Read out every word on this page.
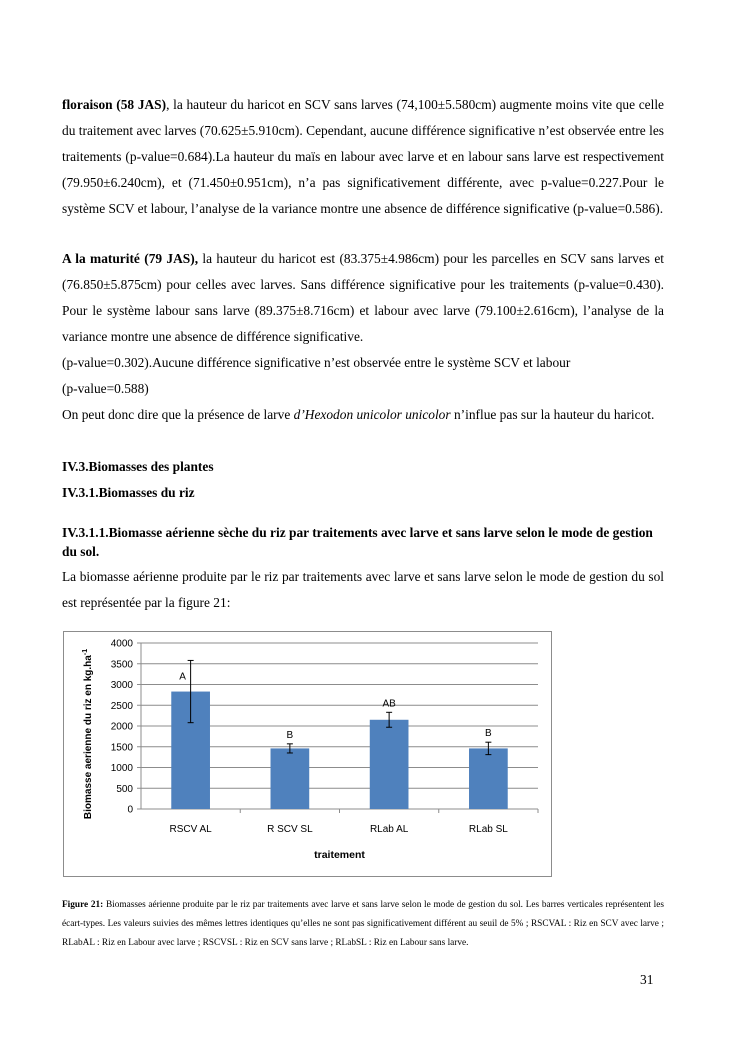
floraison (58 JAS), la hauteur du haricot en SCV sans larves (74,100±5.580cm) augmente moins vite que celle du traitement avec larves (70.625±5.910cm). Cependant, aucune différence significative n’est observée entre les traitements (p-value=0.684).La hauteur du maïs en labour avec larve et en labour sans larve est respectivement (79.950±6.240cm), et (71.450±0.951cm), n’a pas significativement différente, avec p-value=0.227.Pour le système SCV et labour, l’analyse de la variance montre une absence de différence significative (p-value=0.586).

A la maturité (79 JAS), la hauteur du haricot est (83.375±4.986cm) pour les parcelles en SCV sans larves et (76.850±5.875cm) pour celles avec larves. Sans différence significative pour les traitements (p-value=0.430). Pour le système labour sans larve (89.375±8.716cm) et labour avec larve (79.100±2.616cm), l’analyse de la variance montre une absence de différence significative.

(p-value=0.302).Aucune différence significative n’est observée entre le système SCV et labour

(p-value=0.588)

On peut donc dire que la présence de larve d’Hexodon unicolor unicolor n’influe pas sur la hauteur du haricot.

IV.3.Biomasses des plantes
IV.3.1.Biomasses du riz
IV.3.1.1.Biomasse aérienne sèche du riz par traitements avec larve et sans larve selon le mode de gestion du sol.

La biomasse aérienne produite par le riz par traitements avec larve et sans larve selon le mode de gestion du sol est représentée par la figure 21:

0
500
1000
1500
2000
2500
3000
3500
4000
A
RSCV AL
B
R SCV SL
AB
RLab AL
B
RLab SL
traitement
Biomasse aerienne du riz en $kg.ha^{-1}$

Figure 21: Biomasses aérienne produite par le riz par traitements avec larve et sans larve selon le mode de gestion du sol. Les barres verticales représentent les écart-types. Les valeurs suivies des mêmes lettres identiques qu’elles ne sont pas significativement différent au seuil de 5% ; RSCVAL : Riz en SCV avec larve ; RLabAL : Riz en Labour avec larve ; RSCVSL : Riz en SCV sans larve ; RLabSL : Riz en Labour sans larve.

31
